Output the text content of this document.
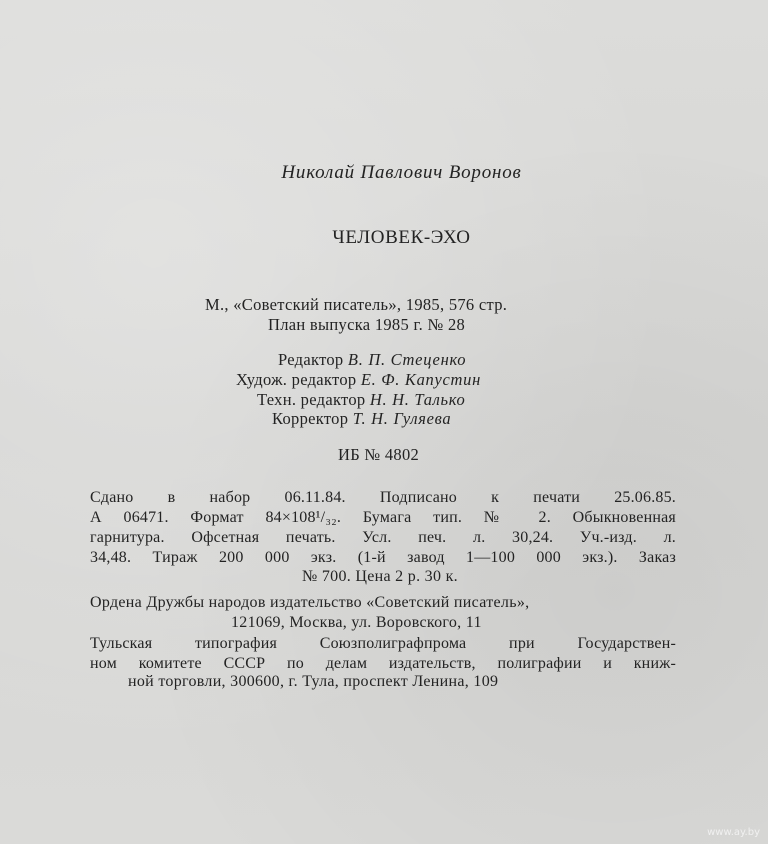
Николай Павлович Воронов
ЧЕЛОВЕК-ЭХО
М., «Советский писатель», 1985, 576 стр.
План выпуска 1985 г. № 28
Редактор В. П. Стеценко
Худож. редактор Е. Ф. Капустин
Техн. редактор Н. Н. Талько
Корректор Т. Н. Гуляева
ИБ № 4802
Сдано в набор 06.11.84. Подписано к печати 25.06.85.
А 06471. Формат 84×108¹/₃₂. Бумага тип. № 2. Обыкновенная
гарнитура. Офсетная печать. Усл. печ. л. 30,24. Уч.-изд. л.
34,48. Тираж 200 000 экз. (1-й завод 1—100 000 экз.). Заказ
№ 700. Цена 2 р. 30 к.
Ордена Дружбы народов издательство «Советский писатель»,
121069, Москва, ул. Воровского, 11
Тульская типография Союзполиграфпрома при Государствен-
ном комитете СССР по делам издательств, полиграфии и книж-
ной торговли, 300600, г. Тула, проспект Ленина, 109
www.ay.by
